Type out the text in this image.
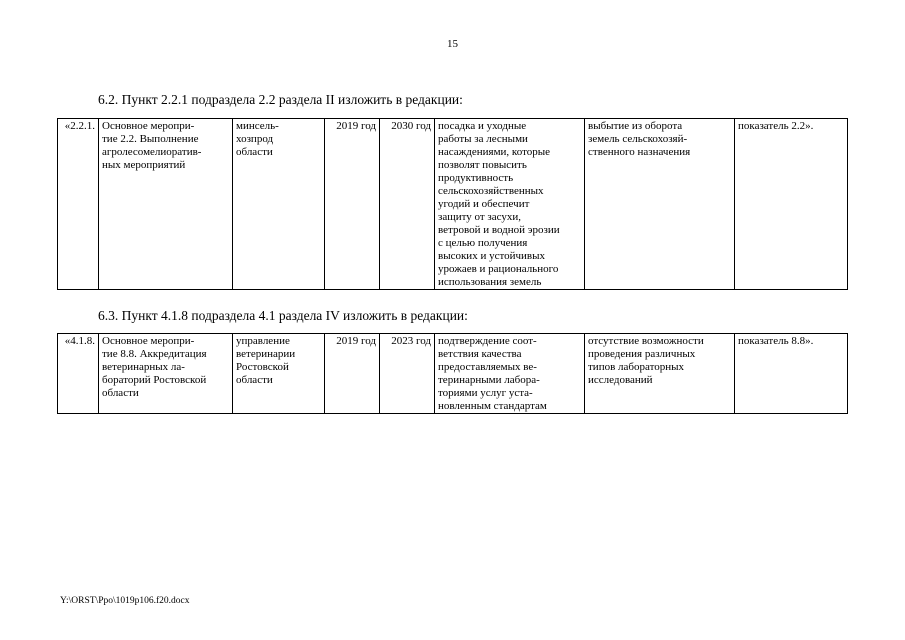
15
6.2. Пункт 2.2.1 подраздела 2.2 раздела II изложить в редакции:
«2.2.1.	Основное меропри-
тие 2.2. Выполнение
агролесомелиоратив-
ных мероприятий	минсель-
хозпрод
области	2019 год	2030 год	посадка и уходные
работы за лесными
насаждениями, которые
позволят повысить
продуктивность
сельскохозяйственных
угодий и обеспечит
защиту от засухи,
ветровой и водной эрозии
с целью получения
высоких и устойчивых
урожаев и рационального
использования земель	выбытие из оборота
земель сельскохозяй-
ственного назначения	показатель 2.2».
6.3. Пункт 4.1.8 подраздела 4.1 раздела IV изложить в редакции:
«4.1.8.	Основное меропри-
тие 8.8. Аккредитация
ветеринарных ла-
бораторий Ростовской
области	управление
ветеринарии
Ростовской
области	2019 год	2023 год	подтверждение соот-
ветствия качества
предоставляемых ве-
теринарными лабора-
ториями услуг уста-
новленным стандартам	отсутствие возможности
проведения различных
типов лабораторных
исследований	показатель 8.8».
Y:\ORST\Ppo\1019p106.f20.docx
